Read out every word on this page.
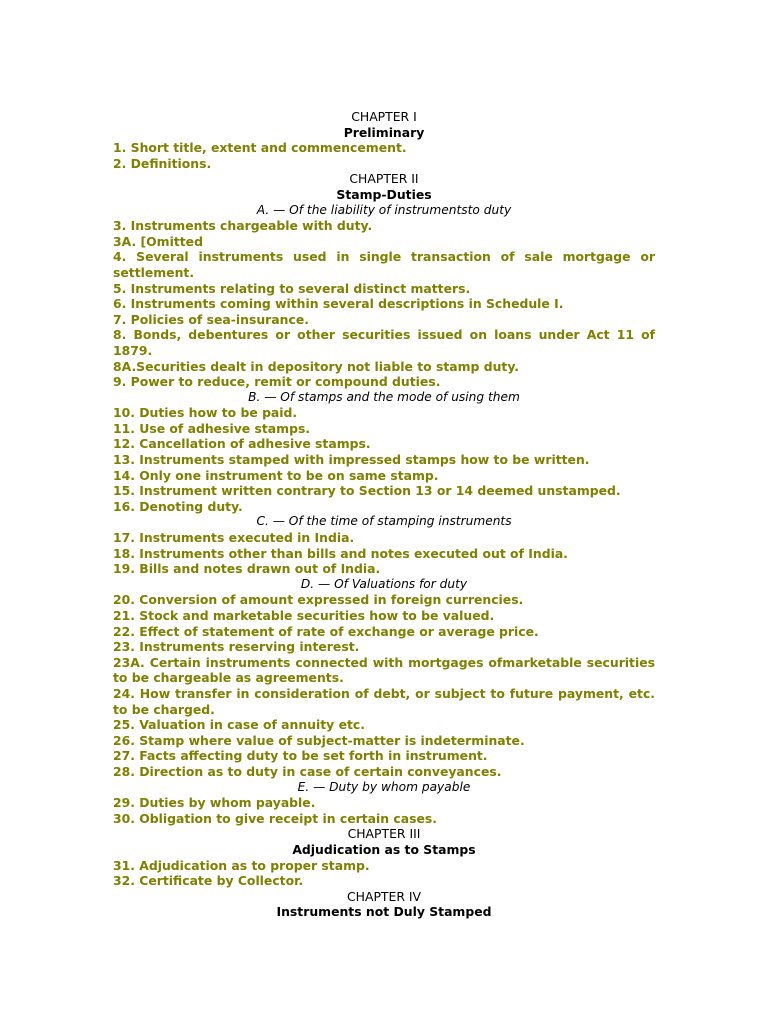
CHAPTER I
Preliminary
1. Short title, extent and commencement.
2. Definitions.
CHAPTER II
Stamp-Duties
A. — Of the liability of instrumentsto duty
3. Instruments chargeable with duty.
3A. [Omitted
4. Several instruments used in single transaction of sale mortgage or settlement.
5. Instruments relating to several distinct matters.
6. Instruments coming within several descriptions in Schedule I.
7. Policies of sea-insurance.
8. Bonds, debentures or other securities issued on loans under Act 11 of 1879.
8A.Securities dealt in depository not liable to stamp duty.
9. Power to reduce, remit or compound duties.
B. — Of stamps and the mode of using them
10. Duties how to be paid.
11. Use of adhesive stamps.
12. Cancellation of adhesive stamps.
13. Instruments stamped with impressed stamps how to be written.
14. Only one instrument to be on same stamp.
15. Instrument written contrary to Section 13 or 14 deemed unstamped.
16. Denoting duty.
C. — Of the time of stamping instruments
17. Instruments executed in India.
18. Instruments other than bills and notes executed out of India.
19. Bills and notes drawn out of India.
D. — Of Valuations for duty
20. Conversion of amount expressed in foreign currencies.
21. Stock and marketable securities how to be valued.
22. Effect of statement of rate of exchange or average price.
23. Instruments reserving interest.
23A. Certain instruments connected with mortgages ofmarketable securities to be chargeable as agreements.
24. How transfer in consideration of debt, or subject to future payment, etc. to be charged.
25. Valuation in case of annuity etc.
26. Stamp where value of subject-matter is indeterminate.
27. Facts affecting duty to be set forth in instrument.
28. Direction as to duty in case of certain conveyances.
E. — Duty by whom payable
29. Duties by whom payable.
30. Obligation to give receipt in certain cases.
CHAPTER III
Adjudication as to Stamps
31. Adjudication as to proper stamp.
32. Certificate by Collector.
CHAPTER IV
Instruments not Duly Stamped
